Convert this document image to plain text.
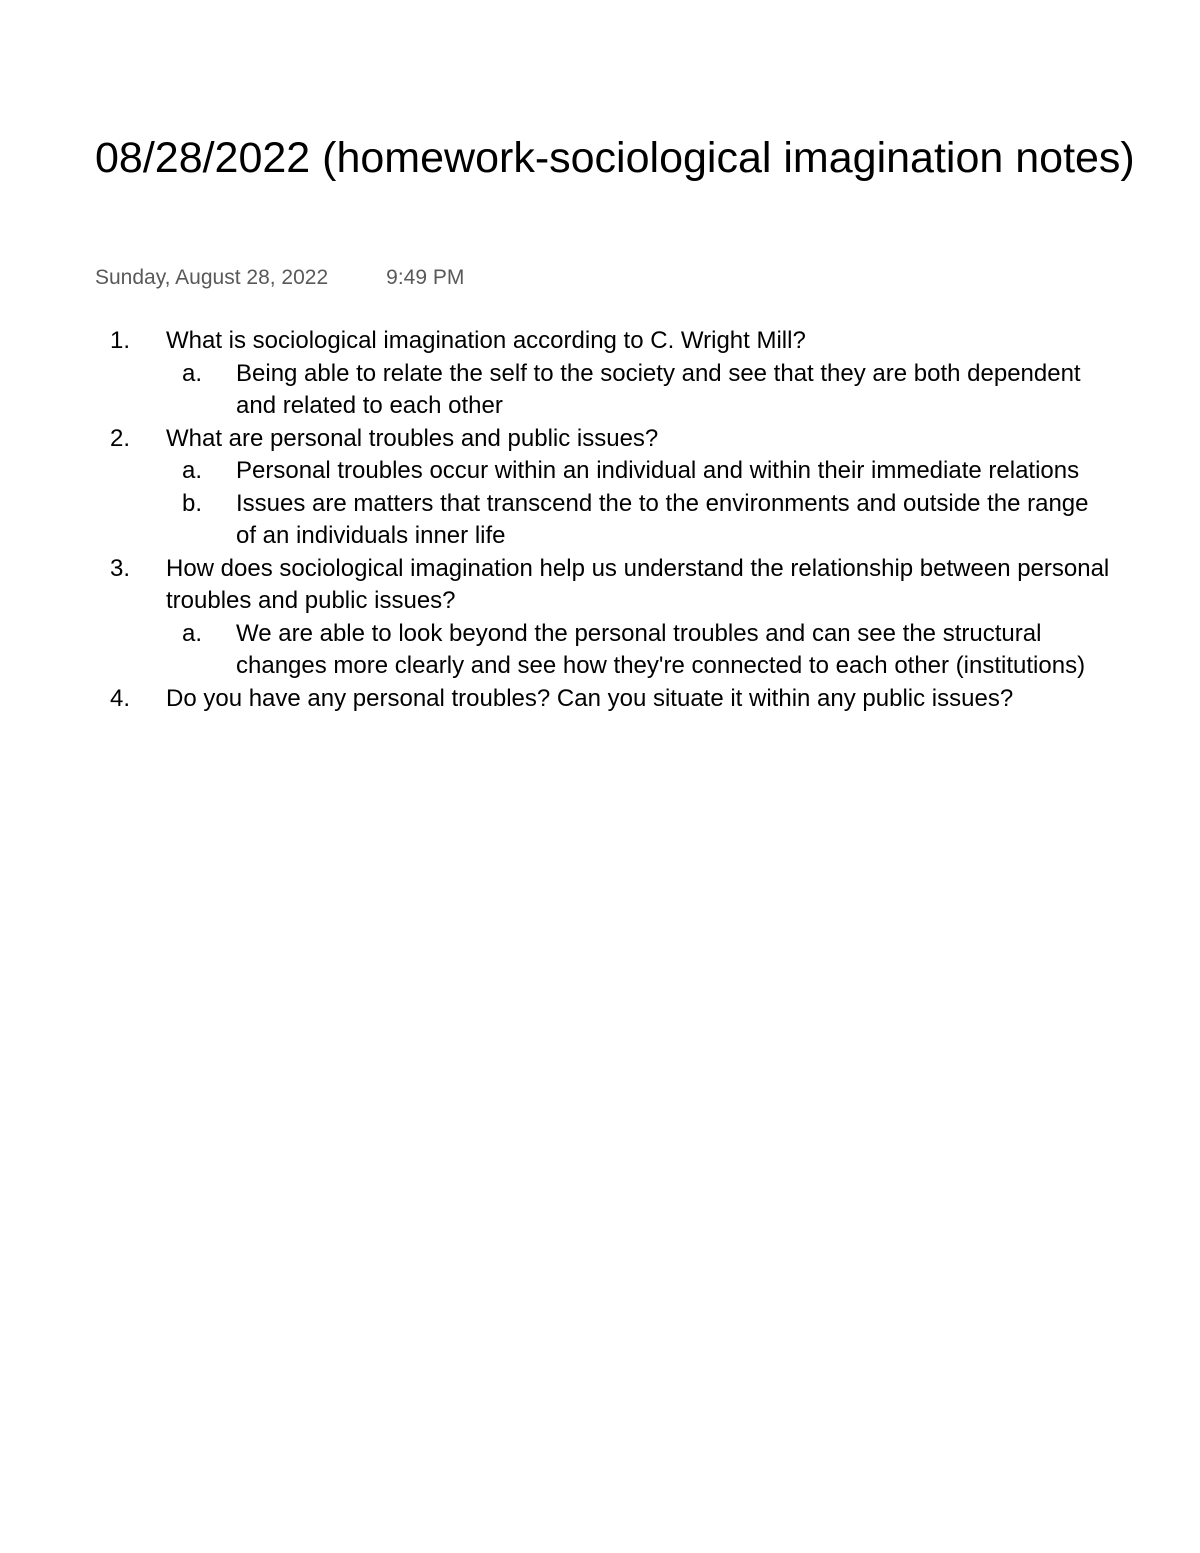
08/28/2022 (homework-sociological imagination notes)
Sunday, August 28, 2022	9:49 PM
1.	What is sociological imagination according to C. Wright Mill?
a.	Being able to relate the self to the society and see that they are both dependent and related to each other
2.	What are personal troubles and public issues?
a.	Personal troubles occur within an individual and within their immediate relations
b.	Issues are matters that transcend the to the environments and outside the range of an individuals inner life
3.	How does sociological imagination help us understand the relationship between personal troubles and public issues?
a.	We are able to look beyond the personal troubles and can see the structural changes more clearly and see how they're connected to each other (institutions)
4.	Do you have any personal troubles? Can you situate it within any public issues?
